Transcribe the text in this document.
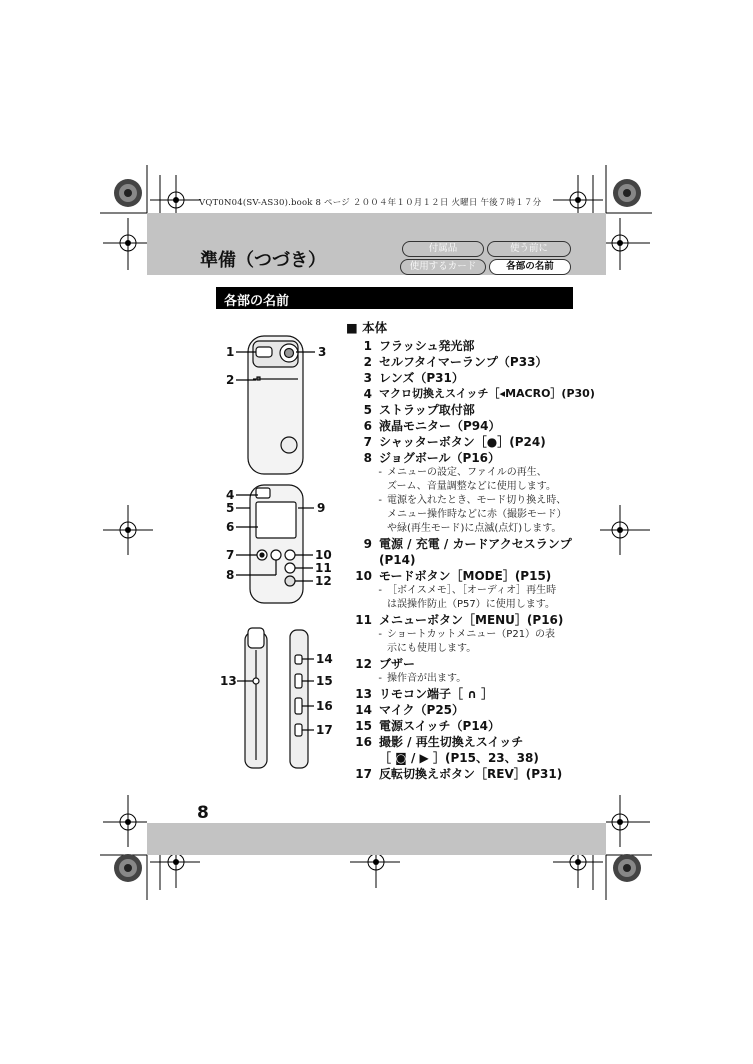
VQT0N04(SV-AS30).book 8 ページ ２００４年１０月１２日 火曜日 午後７時１７分
準備（つづき）
付属品	使う前に
使用するカード	各部の名前
各部の名前
1
2
3
4
5
6
7
8
9
10
11
12
13
14
15
16
17
■ 本体
1 フラッシュ発光部
2 セルフタイマーランプ（P33）
3 レンズ（P31）
4 マクロ切換えスイッチ［◂MACRO］(P30)
5 ストラップ取付部
6 液晶モニター（P94）
7 シャッターボタン［●］(P24)
8 ジョグボール（P16）
- メニューの設定、ファイルの再生、
ズーム、音量調整などに使用します。
- 電源を入れたとき、モード切り換え時、
メニュー操作時などに赤（撮影モード）
や緑(再生モード)に点滅(点灯)します。
9 電源 / 充電 / カードアクセスランプ
(P14)
10 モードボタン［MODE］(P15)
- ［ボイスメモ］、［オーディオ］再生時
は誤操作防止（P57）に使用します。
11 メニューボタン［MENU］(P16)
- ショートカットメニュー（P21）の表
示にも使用します。
12 ブザー
- 操作音が出ます。
13 リモコン端子［ ∩ ］
14 マイク（P25）
15 電源スイッチ（P14）
16 撮影 / 再生切換えスイッチ
［ ◙ / ▶ ］(P15、23、38)
17 反転切換えボタン［REV］(P31)
8
